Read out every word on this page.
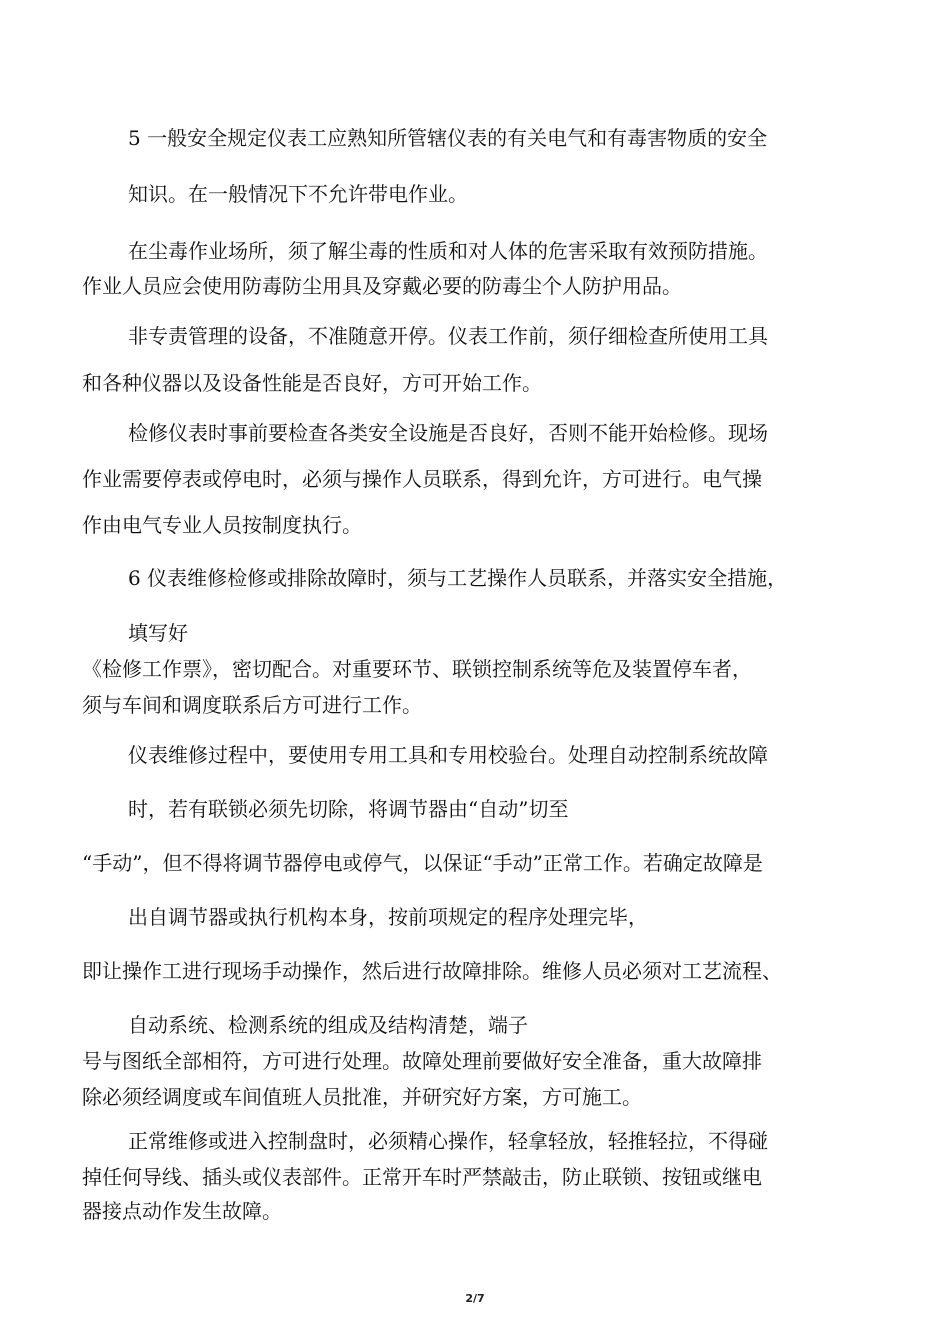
5 一般安全规定仪表工应熟知所管辖仪表的有关电气和有毒害物质的安全

知识。在一般情况下不允许带电作业。

在尘毒作业场所，须了解尘毒的性质和对人体的危害采取有效预防措施。

作业人员应会使用防毒防尘用具及穿戴必要的防毒尘个人防护用品。

非专责管理的设备，不准随意开停。仪表工作前，须仔细检查所使用工具

和各种仪器以及设备性能是否良好，方可开始工作。

检修仪表时事前要检查各类安全设施是否良好，否则不能开始检修。现场

作业需要停表或停电时，必须与操作人员联系，得到允许，方可进行。电气操

作由电气专业人员按制度执行。

6 仪表维修检修或排除故障时，须与工艺操作人员联系，并落实安全措施，

填写好

《检修工作票》，密切配合。对重要环节、联锁控制系统等危及装置停车者，

须与车间和调度联系后方可进行工作。

仪表维修过程中，要使用专用工具和专用校验台。处理自动控制系统故障

时，若有联锁必须先切除，将调节器由“自动”切至

“手动”，但不得将调节器停电或停气，以保证“手动”正常工作。若确定故障是

出自调节器或执行机构本身，按前项规定的程序处理完毕，

即让操作工进行现场手动操作，然后进行故障排除。维修人员必须对工艺流程、

自动系统、检测系统的组成及结构清楚，端子

号与图纸全部相符，方可进行处理。故障处理前要做好安全准备，重大故障排

除必须经调度或车间值班人员批准，并研究好方案，方可施工。

正常维修或进入控制盘时，必须精心操作，轻拿轻放，轻推轻拉，不得碰

掉任何导线、插头或仪表部件。正常开车时严禁敲击，防止联锁、按钮或继电

器接点动作发生故障。

2/7
